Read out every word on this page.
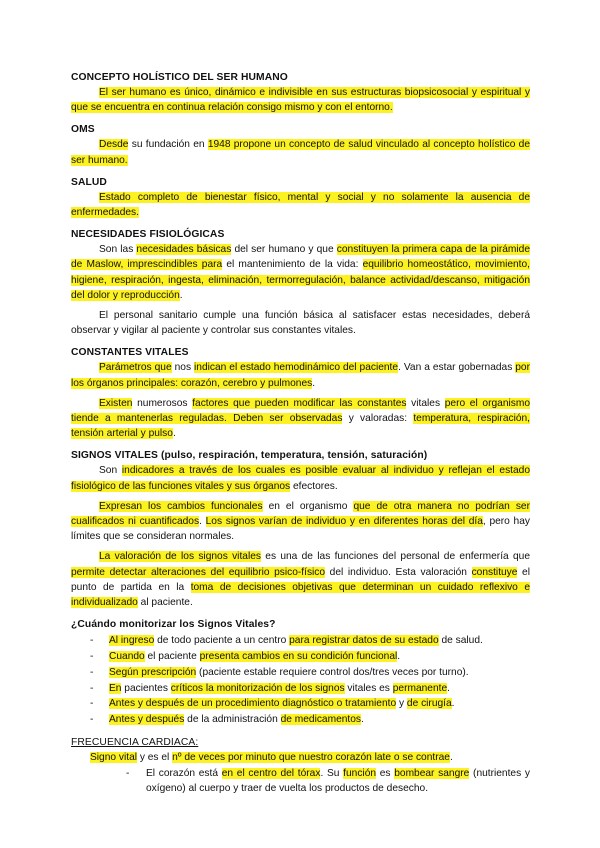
CONCEPTO HOLÍSTICO DEL SER HUMANO

El ser humano es único, dinámico e indivisible en sus estructuras biopsicosocial y espiritual y que se encuentra en continua relación consigo mismo y con el entorno.

OMS

Desde su fundación en 1948 propone un concepto de salud vinculado al concepto holístico de ser humano.

SALUD

Estado completo de bienestar físico, mental y social y no solamente la ausencia de enfermedades.

NECESIDADES FISIOLÓGICAS

Son las necesidades básicas del ser humano y que constituyen la primera capa de la pirámide de Maslow, imprescindibles para el mantenimiento de la vida: equilibrio homeostático, movimiento, higiene, respiración, ingesta, eliminación, termorregulación, balance actividad/descanso, mitigación del dolor y reproducción.

El personal sanitario cumple una función básica al satisfacer estas necesidades, deberá observar y vigilar al paciente y controlar sus constantes vitales.

CONSTANTES VITALES

Parámetros que nos indican el estado hemodinámico del paciente. Van a estar gobernadas por los órganos principales: corazón, cerebro y pulmones.

Existen numerosos factores que pueden modificar las constantes vitales pero el organismo tiende a mantenerlas reguladas. Deben ser observadas y valoradas: temperatura, respiración, tensión arterial y pulso.

SIGNOS VITALES (pulso, respiración, temperatura, tensión, saturación)

Son indicadores a través de los cuales es posible evaluar al individuo y reflejan el estado fisiológico de las funciones vitales y sus órganos efectores.

Expresan los cambios funcionales en el organismo que de otra manera no podrían ser cualificados ni cuantificados. Los signos varían de individuo y en diferentes horas del día, pero hay límites que se consideran normales.

La valoración de los signos vitales es una de las funciones del personal de enfermería que permite detectar alteraciones del equilibrio psico-físico del individuo. Esta valoración constituye el punto de partida en la toma de decisiones objetivas que determinan un cuidado reflexivo e individualizado al paciente.

¿Cuándo monitorizar los Signos Vitales?
- Al ingreso de todo paciente a un centro para registrar datos de su estado de salud.
- Cuando el paciente presenta cambios en su condición funcional.
- Según prescripción (paciente estable requiere control dos/tres veces por turno).
- En pacientes críticos la monitorización de los signos vitales es permanente.
- Antes y después de un procedimiento diagnóstico o tratamiento y de cirugía.
- Antes y después de la administración de medicamentos.
FRECUENCIA CARDIACA:

Signo vital y es el nº de veces por minuto que nuestro corazón late o se contrae.

- El corazón está en el centro del tórax. Su función es bombear sangre (nutrientes y oxígeno) al cuerpo y traer de vuelta los productos de desecho.
